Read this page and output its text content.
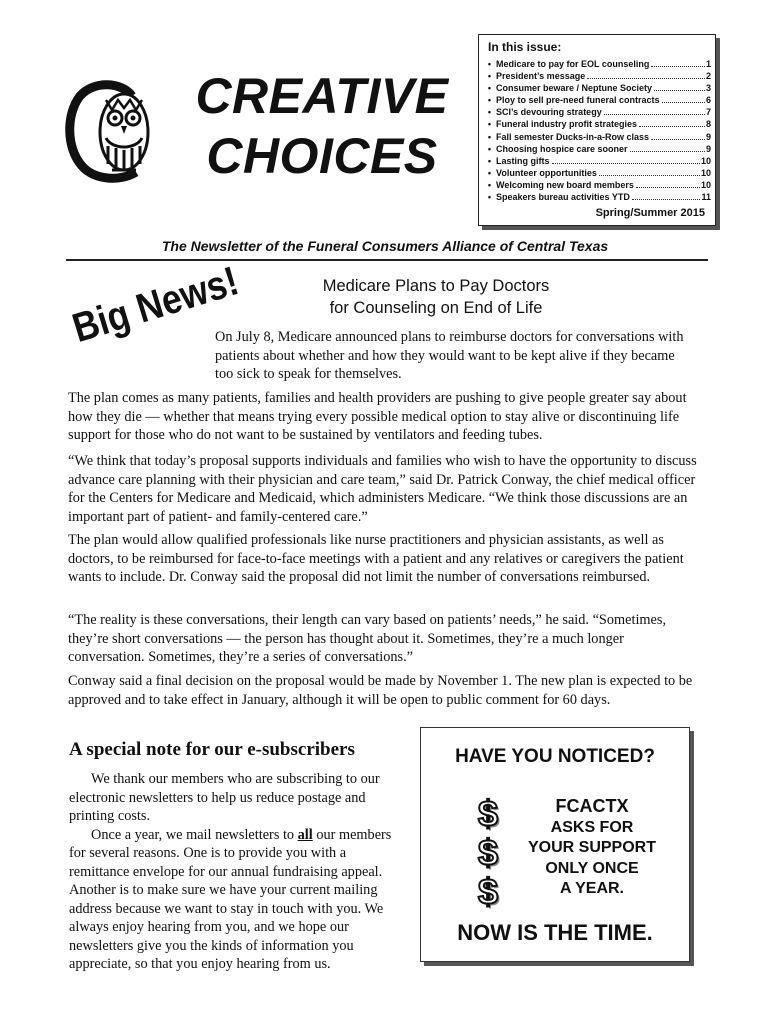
CREATIVE
CHOICES
In this issue:
• Medicare to pay for EOL counseling	1
• President’s message	2
• Consumer beware / Neptune Society	3
• Ploy to sell pre-need funeral contracts	6
• SCI’s devouring strategy	7
• Funeral industry profit strategies	8
• Fall semester Ducks-in-a-Row class	9
• Choosing hospice care sooner	9
• Lasting gifts	10
• Volunteer opportunities	10
• Welcoming new board members	10
• Speakers bureau activities YTD	11
Spring/Summer 2015
The Newsletter of the Funeral Consumers Alliance of Central Texas
Big News!	Medicare Plans to Pay Doctors
for Counseling on End of Life
On July 8, Medicare announced plans to reimburse doctors for conversations with patients about whether and how they would want to be kept alive if they became too sick to speak for themselves.

The plan comes as many patients, families and health providers are pushing to give people greater say about how they die — whether that means trying every possible medical option to stay alive or discontinuing life support for those who do not want to be sustained by ventilators and feeding tubes.

“We think that today’s proposal supports individuals and families who wish to have the opportunity to discuss advance care planning with their physician and care team,” said Dr. Patrick Conway, the chief medical officer for the Centers for Medicare and Medicaid, which administers Medicare. “We think those discussions are an important part of patient- and family-centered care.”

The plan would allow qualified professionals like nurse practitioners and physician assistants, as well as doctors, to be reimbursed for face-to-face meetings with a patient and any relatives or caregivers the patient wants to include. Dr. Conway said the proposal did not limit the number of conversations reimbursed.

“The reality is these conversations, their length can vary based on patients’ needs,” he said. “Sometimes, they’re short conversations — the person has thought about it. Sometimes, they’re a much longer conversation. Sometimes, they’re a series of conversations.”

Conway said a final decision on the proposal would be made by November 1. The new plan is expected to be approved and to take effect in January, although it will be open to public comment for 60 days.

A special note for our e-subscribers

We thank our members who are subscribing to our electronic newsletters to help us reduce postage and printing costs.

Once a year, we mail newsletters to all our members for several reasons. One is to provide you with a remittance envelope for our annual fundraising appeal. Another is to make sure we have your current mailing address because we want to stay in touch with you. We always enjoy hearing from you, and we hope our newsletters give you the kinds of information you appreciate, so that you enjoy hearing from us.

HAVE YOU NOTICED?
$
$
$
FCACTX
ASKS FOR
YOUR SUPPORT
ONLY ONCE
A YEAR.
NOW IS THE TIME.
